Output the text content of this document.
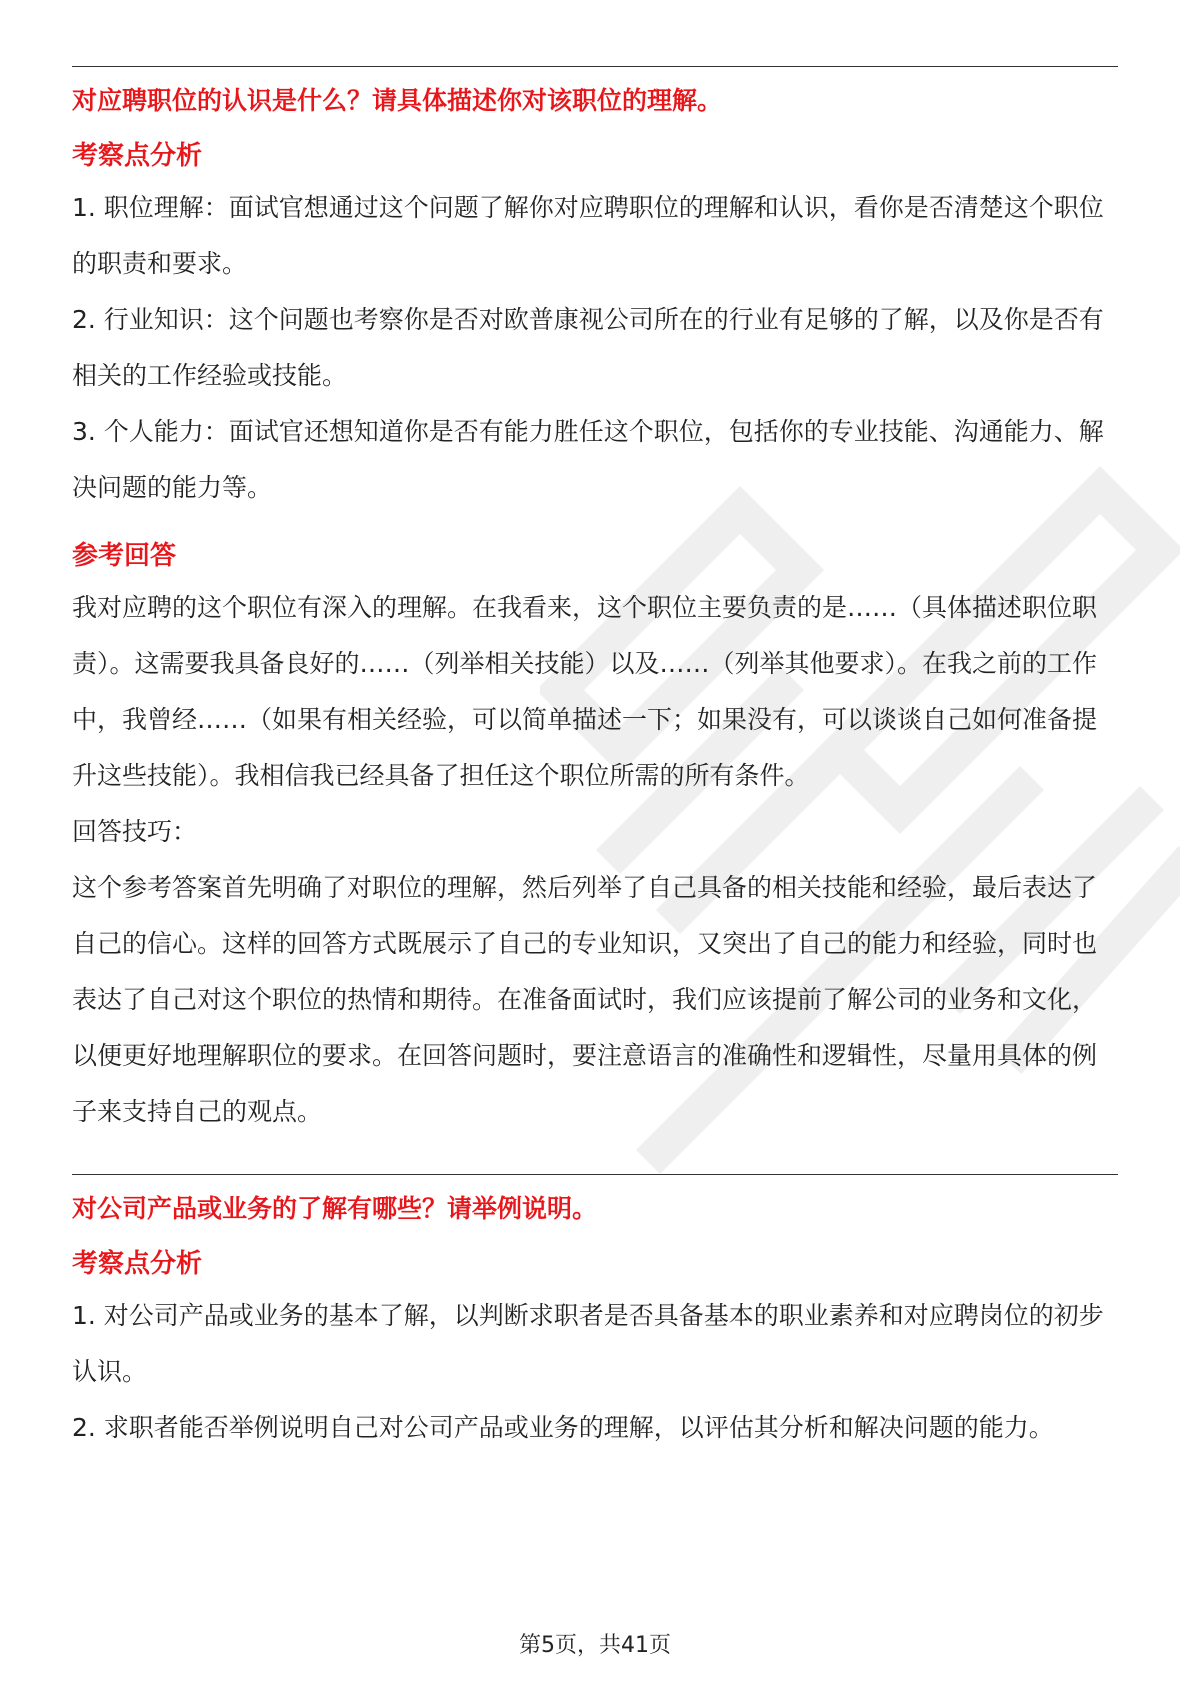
对应聘职位的认识是什么？请具体描述你对该职位的理解。

考察点分析

1. 职位理解：面试官想通过这个问题了解你对应聘职位的理解和认识，看你是否清楚这个职位的职责和要求。

2. 行业知识：这个问题也考察你是否对欧普康视公司所在的行业有足够的了解，以及你是否有相关的工作经验或技能。

3. 个人能力：面试官还想知道你是否有能力胜任这个职位，包括你的专业技能、沟通能力、解决问题的能力等。

参考回答

我对应聘的这个职位有深入的理解。在我看来，这个职位主要负责的是……（具体描述职位职责）。这需要我具备良好的……（列举相关技能）以及……（列举其他要求）。在我之前的工作中，我曾经……（如果有相关经验，可以简单描述一下；如果没有，可以谈谈自己如何准备提升这些技能）。我相信我已经具备了担任这个职位所需的所有条件。

回答技巧：

这个参考答案首先明确了对职位的理解，然后列举了自己具备的相关技能和经验，最后表达了自己的信心。这样的回答方式既展示了自己的专业知识，又突出了自己的能力和经验，同时也表达了自己对这个职位的热情和期待。在准备面试时，我们应该提前了解公司的业务和文化，以便更好地理解职位的要求。在回答问题时，要注意语言的准确性和逻辑性，尽量用具体的例子来支持自己的观点。

对公司产品或业务的了解有哪些？请举例说明。

考察点分析

1. 对公司产品或业务的基本了解，以判断求职者是否具备基本的职业素养和对应聘岗位的初步认识。

2. 求职者能否举例说明自己对公司产品或业务的理解，以评估其分析和解决问题的能力。

第5页，共41页
